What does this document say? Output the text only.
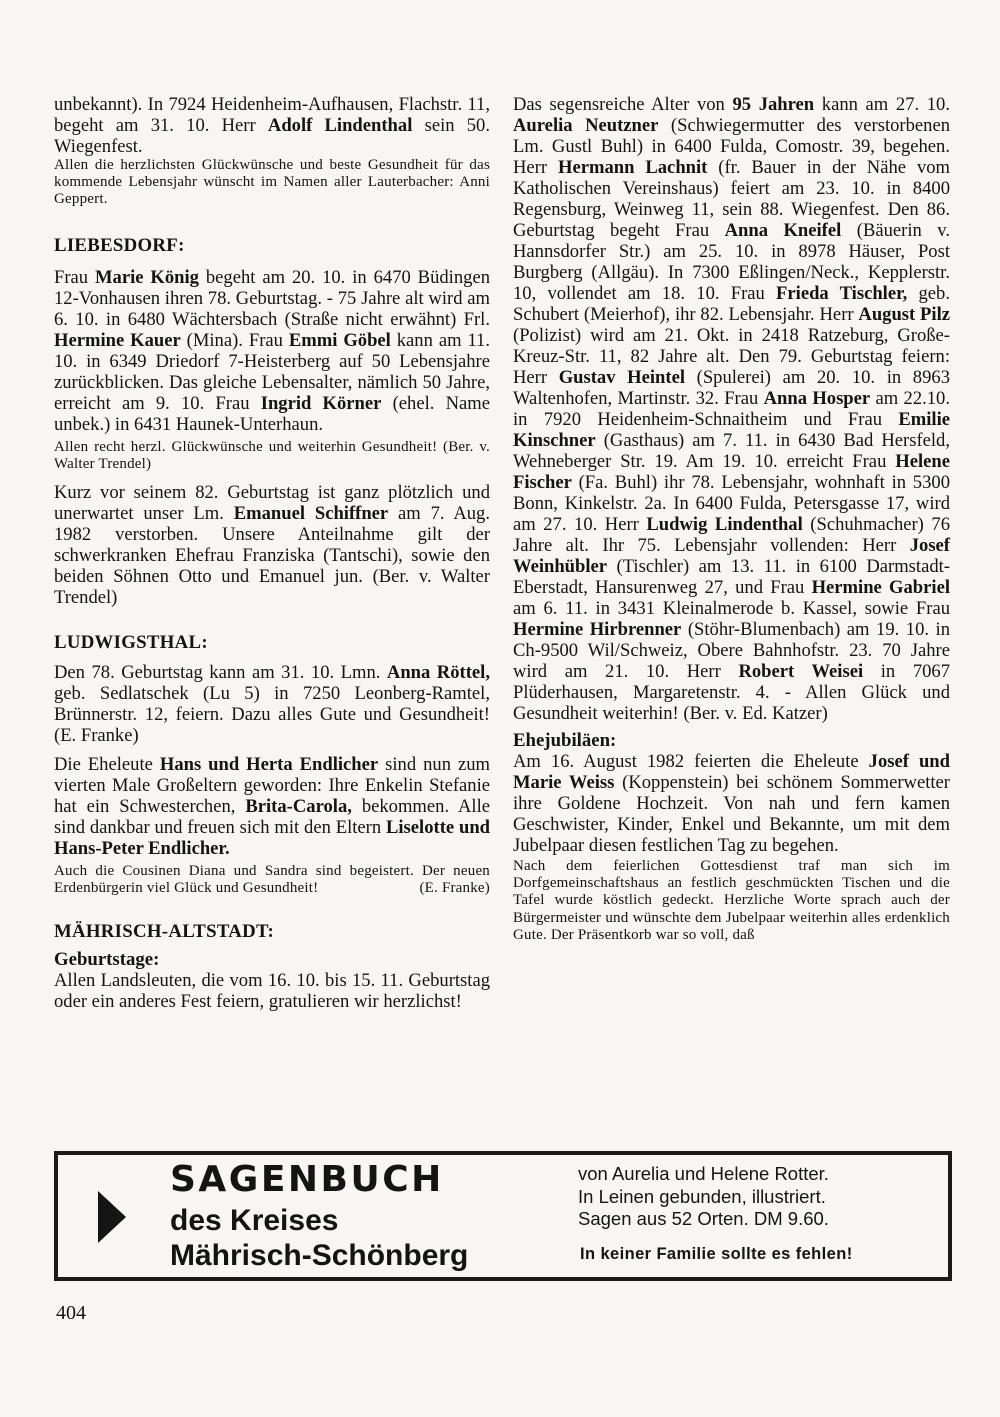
unbekannt). In 7924 Heidenheim-Aufhausen, Flachstr. 11, begeht am 31. 10. Herr Adolf Lindenthal sein 50. Wiegenfest.

Allen die herzlichsten Glückwünsche und beste Gesundheit für das kommende Lebensjahr wünscht im Namen aller Lauterbacher: Anni Geppert.

LIEBESDORF:

Frau Marie König begeht am 20. 10. in 6470 Büdingen 12-Vonhausen ihren 78. Geburtstag. - 75 Jahre alt wird am 6. 10. in 6480 Wächtersbach (Straße nicht erwähnt) Frl. Hermine Kauer (Mina). Frau Emmi Göbel kann am 11. 10. in 6349 Driedorf 7-Heisterberg auf 50 Lebensjahre zurückblicken. Das gleiche Lebensalter, nämlich 50 Jahre, erreicht am 9. 10. Frau Ingrid Körner (ehel. Name unbek.) in 6431 Haunek-Unterhaun.

Allen recht herzl. Glückwünsche und weiterhin Gesundheit! (Ber. v. Walter Trendel)

Kurz vor seinem 82. Geburtstag ist ganz plötzlich und unerwartet unser Lm. Emanuel Schiffner am 7. Aug. 1982 verstorben. Unsere Anteilnahme gilt der schwerkranken Ehefrau Franziska (Tantschi), sowie den beiden Söhnen Otto und Emanuel jun. (Ber. v. Walter Trendel)

LUDWIGSTHAL:

Den 78. Geburtstag kann am 31. 10. Lmn. Anna Röttel, geb. Sedlatschek (Lu 5) in 7250 Leonberg-Ramtel, Brünnerstr. 12, feiern. Dazu alles Gute und Gesundheit! (E. Franke)

Die Eheleute Hans und Herta Endlicher sind nun zum vierten Male Großeltern geworden: Ihre Enkelin Stefanie hat ein Schwesterchen, Brita-Carola, bekommen. Alle sind dankbar und freuen sich mit den Eltern Liselotte und Hans-Peter Endlicher.

Auch die Cousinen Diana und Sandra sind begeistert. Der neuen Erdenbürgerin viel Glück und Gesundheit!	(E. Franke)

MÄHRISCH-ALTSTADT:

Geburtstage:

Allen Landsleuten, die vom 16. 10. bis 15. 11. Geburtstag oder ein anderes Fest feiern, gratulieren wir herzlichst!

Das segensreiche Alter von 95 Jahren kann am 27. 10. Aurelia Neutzner (Schwiegermutter des verstorbenen Lm. Gustl Buhl) in 6400 Fulda, Comostr. 39, begehen. Herr Hermann Lachnit (fr. Bauer in der Nähe vom Katholischen Vereinshaus) feiert am 23. 10. in 8400 Regensburg, Weinweg 11, sein 88. Wiegenfest. Den 86. Geburtstag begeht Frau Anna Kneifel (Bäuerin v. Hannsdorfer Str.) am 25. 10. in 8978 Häuser, Post Burgberg (Allgäu). In 7300 Eßlingen/Neck., Kepplerstr. 10, vollendet am 18. 10. Frau Frieda Tischler, geb. Schubert (Meierhof), ihr 82. Lebensjahr. Herr August Pilz (Polizist) wird am 21. Okt. in 2418 Ratzeburg, Große-Kreuz-Str. 11, 82 Jahre alt. Den 79. Geburtstag feiern: Herr Gustav Heintel (Spulerei) am 20. 10. in 8963 Waltenhofen, Martinstr. 32. Frau Anna Hosper am 22.10. in 7920 Heidenheim-Schnaitheim und Frau Emilie Kinschner (Gasthaus) am 7. 11. in 6430 Bad Hersfeld, Wehneberger Str. 19. Am 19. 10. erreicht Frau Helene Fischer (Fa. Buhl) ihr 78. Lebensjahr, wohnhaft in 5300 Bonn, Kinkelstr. 2a. In 6400 Fulda, Petersgasse 17, wird am 27. 10. Herr Ludwig Lindenthal (Schuhmacher) 76 Jahre alt. Ihr 75. Lebensjahr vollenden: Herr Josef Weinhübler (Tischler) am 13. 11. in 6100 Darmstadt-Eberstadt, Hansurenweg 27, und Frau Hermine Gabriel am 6. 11. in 3431 Kleinalmerode b. Kassel, sowie Frau Hermine Hirbrenner (Stöhr-Blumenbach) am 19. 10. in Ch-9500 Wil/Schweiz, Obere Bahnhofstr. 23. 70 Jahre wird am 21. 10. Herr Robert Weisei in 7067 Plüderhausen, Margaretenstr. 4. - Allen Glück und Gesundheit weiterhin! (Ber. v. Ed. Katzer)

Ehejubiläen:

Am 16. August 1982 feierten die Eheleute Josef und Marie Weiss (Koppenstein) bei schönem Sommerwetter ihre Goldene Hochzeit. Von nah und fern kamen Geschwister, Kinder, Enkel und Bekannte, um mit dem Jubelpaar diesen festlichen Tag zu begehen.

Nach dem feierlichen Gottesdienst traf man sich im Dorfgemeinschaftshaus an festlich geschmückten Tischen und die Tafel wurde köstlich gedeckt. Herzliche Worte sprach auch der Bürgermeister und wünschte dem Jubelpaar weiterhin alles erdenklich Gute. Der Präsentkorb war so voll, daß

SAGENBUCH

des Kreises

Mährisch-Schönberg

von Aurelia und Helene Rotter.
In Leinen gebunden, illustriert.
Sagen aus 52 Orten. DM 9.60.

In keiner Familie sollte es fehlen!

404
